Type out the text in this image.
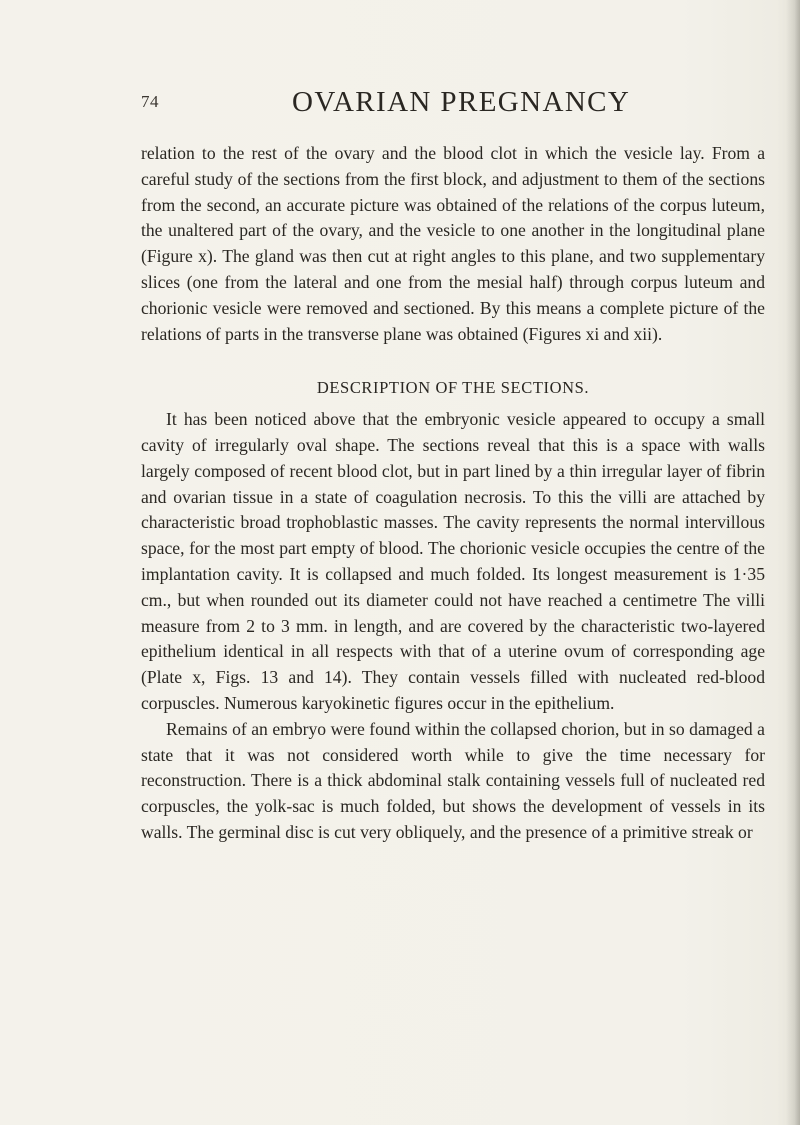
74	OVARIAN PREGNANCY

relation to the rest of the ovary and the blood clot in which the vesicle lay. From a careful study of the sections from the first block, and adjustment to them of the sections from the second, an accurate picture was obtained of the relations of the corpus luteum, the unaltered part of the ovary, and the vesicle to one another in the longitudinal plane (Figure x). The gland was then cut at right angles to this plane, and two supplementary slices (one from the lateral and one from the mesial half) through corpus luteum and chorionic vesicle were removed and sectioned. By this means a complete picture of the relations of parts in the transverse plane was obtained (Figures xi and xii).

DESCRIPTION OF THE SECTIONS.

It has been noticed above that the embryonic vesicle appeared to occupy a small cavity of irregularly oval shape. The sections reveal that this is a space with walls largely composed of recent blood clot, but in part lined by a thin irregular layer of fibrin and ovarian tissue in a state of coagulation necrosis. To this the villi are attached by characteristic broad trophoblastic masses. The cavity represents the normal intervillous space, for the most part empty of blood. The chorionic vesicle occupies the centre of the implantation cavity. It is collapsed and much folded. Its longest measurement is 1·35 cm., but when rounded out its diameter could not have reached a centimetre The villi measure from 2 to 3 mm. in length, and are covered by the characteristic two-layered epithelium identical in all respects with that of a uterine ovum of corresponding age (Plate x, Figs. 13 and 14). They contain vessels filled with nucleated red-blood corpuscles. Numerous karyokinetic figures occur in the epithelium.

Remains of an embryo were found within the collapsed chorion, but in so damaged a state that it was not considered worth while to give the time necessary for reconstruction. There is a thick abdominal stalk containing vessels full of nucleated red corpuscles, the yolk-sac is much folded, but shows the development of vessels in its walls. The germinal disc is cut very obliquely, and the presence of a primitive streak or
